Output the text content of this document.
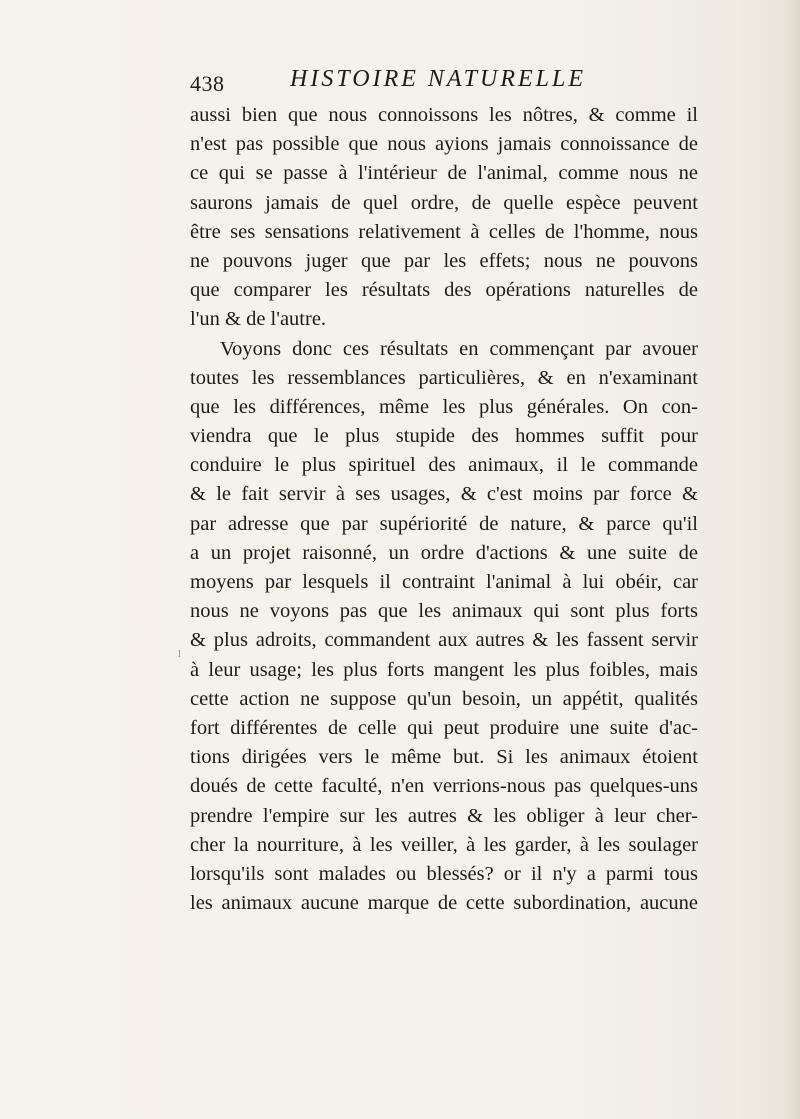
438	HISTOIRE NATURELLE
aussi bien que nous connoissons les nôtres, & comme il
n'est pas possible que nous ayions jamais connoissance de
ce qui se passe à l'intérieur de l'animal, comme nous ne
saurons jamais de quel ordre, de quelle espèce peuvent
être ses sensations relativement à celles de l'homme, nous
ne pouvons juger que par les effets; nous ne pouvons
que comparer les résultats des opérations naturelles de
l'un & de l'autre.
Voyons donc ces résultats en commençant par avouer
toutes les ressemblances particulières, & en n'examinant
que les différences, même les plus générales. On con-
viendra que le plus stupide des hommes suffit pour
conduire le plus spirituel des animaux, il le commande
& le fait servir à ses usages, & c'est moins par force &
par adresse que par supériorité de nature, & parce qu'il
a un projet raisonné, un ordre d'actions & une suite de
moyens par lesquels il contraint l'animal à lui obéir, car
nous ne voyons pas que les animaux qui sont plus forts
& plus adroits, commandent aux autres & les fassent servir
à leur usage; les plus forts mangent les plus foibles, mais
cette action ne suppose qu'un besoin, un appétit, qualités
fort différentes de celle qui peut produire une suite d'ac-
tions dirigées vers le même but. Si les animaux étoient
doués de cette faculté, n'en verrions-nous pas quelques-uns
prendre l'empire sur les autres & les obliger à leur cher-
cher la nourriture, à les veiller, à les garder, à les soulager
lorsqu'ils sont malades ou blessés? or il n'y a parmi tous
les animaux aucune marque de cette subordination, aucune
l
